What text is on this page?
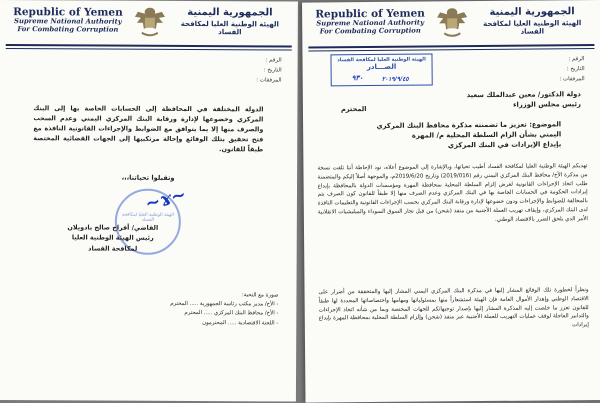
Republic of Yemen
Supreme National Authority
For Combating Corruption
الجمهورية اليمنية
الهيئة الوطنية العليا لمكافحة الفساد
الرقم :
التاريخ :
المرفقات :
الدولة المختلفة في المحافظة إلى الحسابات الخاصة بها إلى البنك المركزي وخضوعها لإدارة ورقابة البنك المركزي اليمني وعدم السحب والصرف منها إلا بما يتوافق مع الضوابط والإجراءات القانونية النافذة مع فتح تحقيق بتلك الوقائع وإحالة مرتكبيها إلى الجهات القضائية المختصة طبقاً للقانون.
وتقبلوا تحياتنا،،،
الهيئة الوطنية العليا لمكافحة الفساد
~ɤ~
القاضي/ أفراح صالح بادويلان
رئيس الهيئة الوطنية العليا
لمكافحة الفساد
صورة مع التحية:
- الأخ/ مدير مكتب رئاسة الجمهورية ..... المحترم
- الأخ/ محافظ البنك المركزي ..... المحترم
- اللجنة الاقتصادية ..... المحترمون
Republic of Yemen
Supreme National Authority
For Combating Corruption
الجمهورية اليمنية
الهيئة الوطنية العليا لمكافحة الفساد
الهيئة الوطنية العليا لمكافحة الفساد
الصـــادر
٩٣٠	٢٠١٩/٩/٤٥
الرقم :
التاريخ :
المرفقات :
دولة الدكتور/ معين عبدالملك سعيد
رئيس مجلس الوزراء
المحترم
الموضوع: تعزيز ما تضمنته مذكرة محافظ البنك المركزي
اليمني بشأن الزام السلطة المحلية م/ المهرة
بإيداع الإيرادات في البنك المركزي
تهديكم الهيئة الوطنية العليا لمكافحة الفساد أطيب تحياتها، وبالإشارة إلى الموضوع أعلاه، نود الإحاطة أننا تلقت نسخة من مذكرة الأخ/ محافظ البنك المركزي اليمني رقم (2019/016) وتاريخ 2019/6/20م، والموجهة أصلاً إليكم والمتضمنة طلب اتخاذ الإجراءات القانونية لغرض إلزام السلطة المحلية بمحافظة المهرة ومؤسسات الدولة بالمحافظة بإيداع إيرادات الحكومة في الحسابات الخاصة بها في البنك المركزي وعدم الصرف منها إلا طبقاً للقانون كون الصرف يتم بالمخالفة للضوابط والإجراءات ودون خضوعها لإدارة ورقابة البنك المركزي بحسب الإجراءات القانونية والتعليمات النافذة لدى البنك المركزي، وإيقاف تهريب العملة الأجنبية من منفذ (شحن) من قبل تجار السوق السوداء والميليشيات الانقلابية الأمر الذي يلحق الضرر بالاقتصاد الوطني.
ونظراً لخطورة تلك الوقائع المشار إليها في مذكرة البنك المركزي اليمني المشار إليها والمتحققة من أضرار على الاقتصاد الوطني وإهدار الأموال العامة فإن الهيئة استشعاراً منها بمسئولياتها ومهامها واختصاصاتها المحددة لها طبقاً للقانون تعزز ما خلصت إليه المذكرة المشار إليها بإصدار توجيهاتكم للجهات المختصة وبما من شأنه اتخاذ الإجراءات والتدابير العاجلة لوقف عمليات التهريب للعملة الأجنبية عبر منفذ (شحن) وإلزام السلطة المحلية بمحافظة المهرة بإيداع إيرادات
